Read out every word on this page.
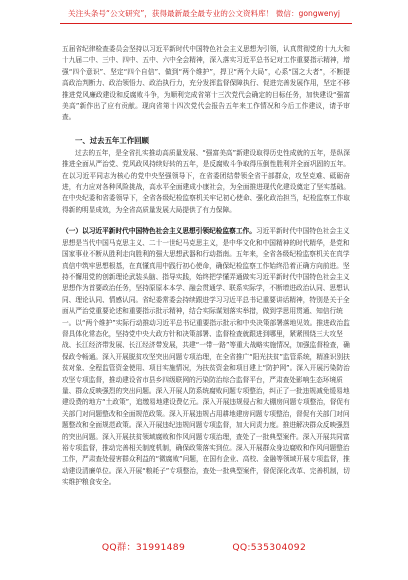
关注头条号“公文研究”，获得最新最全最专业的公文资料库！ 微信：gongwenyj

五届省纪律检查委员会坚持以习近平新时代中国特色社会主义思想为引领，认真贯彻党的十九大和十九届二中、三中、四中、五中、六中全会精神，深入落实习近平总书记对工作重要指示精神，增强“四个意识”、坚定“四个自信”、做到“两个维护”，捍卫“两个大局”，心系“国之大者”，不断提高政治判断力、政治领悟力、政治执行力，充分发挥监督保障执行、促进完善发展作用，坚定不移推进党风廉政建设和反腐败斗争，为顺利完成省第十三次党代会确定的目标任务，加快建设“强富美高”新作出了应有贡献。现向省第十四次党代会报告五年来工作情况和今后工作建议，请予审查。

一、过去五年工作回顾

过去的五年，是全省扎实推动高质量发展、“强富美高”新建设取得历史性成就的五年，是纵深推进全面从严治党、党风政风持续好转的五年，是反腐败斗争取得压倒性胜利并全面巩固的五年。在以习近平同志为核心的党中央坚强领导下，在省委团结带领全省干部群众，攻坚克难、砥砺奋进，有力应对各种风险挑战，高水平全面建成小康社会，为全面推进现代化建设奠定了坚实基础。在中央纪委和省委领导下，全省各级纪检监察机关牢记初心使命、强化政治担当，纪检监察工作取得新的明显成效，为全省高质量发展大局提供了有力保障。

（一）以习近平新时代中国特色社会主义思想引领纪检监察工作。习近平新时代中国特色社会主义思想是当代中国马克思主义、二十一世纪马克思主义，是中华文化和中国精神的时代精华，是党和国家事业不断从胜利走向胜利的强大思想武器和行动指南。五年来，全省各级纪检监察机关在真学真信中筑牢思想根基，在真懂真用中践行初心使命，确保纪检监察工作始终沿着正确方向前进。坚持不懈用党的创新理论武装头脑、指导实践，始终把学懂弄通做实习近平新时代中国特色社会主义思想作为首要政治任务，坚持原原本本学、融会贯通学、联系实际学，不断增进政治认同、思想认同、理论认同、情感认同。省纪委常委会持续跟进学习习近平总书记重要讲话精神，特别是关于全面从严治党重要论述和重要指示批示精神，结合实际谋划落实举措，做到学思用贯通、知信行统一。以“两个维护”实际行动推动习近平总书记重要指示批示和中央决策部署落地见效。推进政治监督具体化常态化，坚持党中央大政方针和决策部署、监督检查就跟进到哪里，紧紧围绕三大攻坚战、长江经济带发展、长江经济带发展，共建“一带一路”等重大战略实施情况，加强监督检查，确保政令畅通。深入开展脱贫攻坚突出问题专项治理，在全省推广“阳光扶贫”监管系统，精准识别扶贫对象、全程监管资金使用、项目实施情况，为扶贫资金和项目建上“防护网”。深入开展污染防治攻坚专项监督，推动建设省市县乡四级联网的污染防治综合监督平台，严肃查处影响生态环境质量、群众反映强烈的突出问题。深入开展人防系统腐败问题专项整治，纠正了一批违规减免缓易地建设费的地方“土政策”，追缴易地建设费亿元。深入开展违规侵占和大棚房问题专项整治，督促有关部门对问题整改和全面规范政策。深入开展违规占用耕地建房问题专项整治，督促有关部门对问题整改和全面规范政策。深入开展违纪违规问题专项监督，加大问责力度。推进解决群众反映强烈的突出问题。深入开展扶贫领域腐败和作风问题专项治理，查处了一批典型案件。深入开展共同富裕专项监督，推动完善相关制度机制，确保政策落实到位。深入开展群众身边腐败和作风问题整治工作，严肃查处侵害群众利益的“微腐败”问题，在国有企业、高校、金融等领域开展专项监督，推动建设清廉单位。深入开展“粮耗子”专项整治，查处一批典型案件，督促深化改革、完善机制，切实维护粮食安全。

QQ群：31991489	QQ:535304092
